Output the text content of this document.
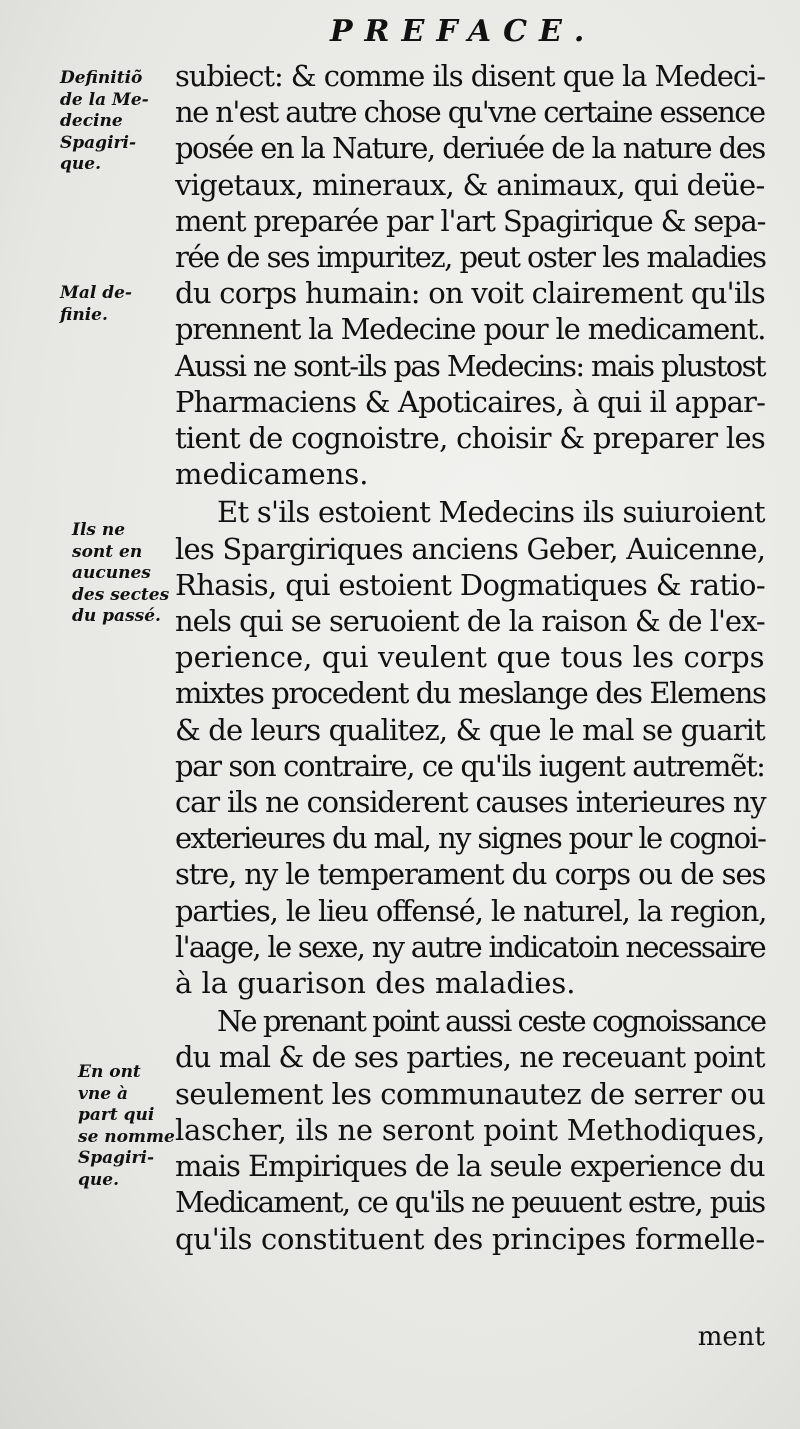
PREFACE.
Definitiõ
de la Me-
decine
Spagiri-
que.
Mal de-
finie.
Ils ne
sont en
aucunes
des sectes
du passé.
En ont
vne à
part qui
se nomme
Spagiri-
que.
subiect: & comme ils disent que la Medeci-
ne n'est autre chose qu'vne certaine essence
posée en la Nature, deriuée de la nature des
vigetaux, mineraux, & animaux, qui deüe-
ment preparée par l'art Spagirique & sepa-
rée de ses impuritez, peut oster les maladies
du corps humain: on voit clairement qu'ils
prennent la Medecine pour le medicament.
Aussi ne sont-ils pas Medecins: mais plustost
Pharmaciens & Apoticaires, à qui il appar-
tient de cognoistre, choisir & preparer les
medicamens.
Et s'ils estoient Medecins ils suiuroient
les Spargiriques anciens Geber, Auicenne,
Rhasis, qui estoient Dogmatiques & ratio-
nels qui se seruoient de la raison & de l'ex-
perience, qui veulent que tous les corps
mixtes procedent du meslange des Elemens
& de leurs qualitez, & que le mal se guarit
par son contraire, ce qu'ils iugent autremẽt:
car ils ne considerent causes interieures ny
exterieures du mal, ny signes pour le cognoi-
stre, ny le temperament du corps ou de ses
parties, le lieu offensé, le naturel, la region,
l'aage, le sexe, ny autre indicatoin necessaire
à la guarison des maladies.
Ne prenant point aussi ceste cognoissance
du mal & de ses parties, ne receuant point
seulement les communautez de serrer ou
lascher, ils ne seront point Methodiques,
mais Empiriques de la seule experience du
Medicament, ce qu'ils ne peuuent estre, puis
qu'ils constituent des principes formelle-
ment
